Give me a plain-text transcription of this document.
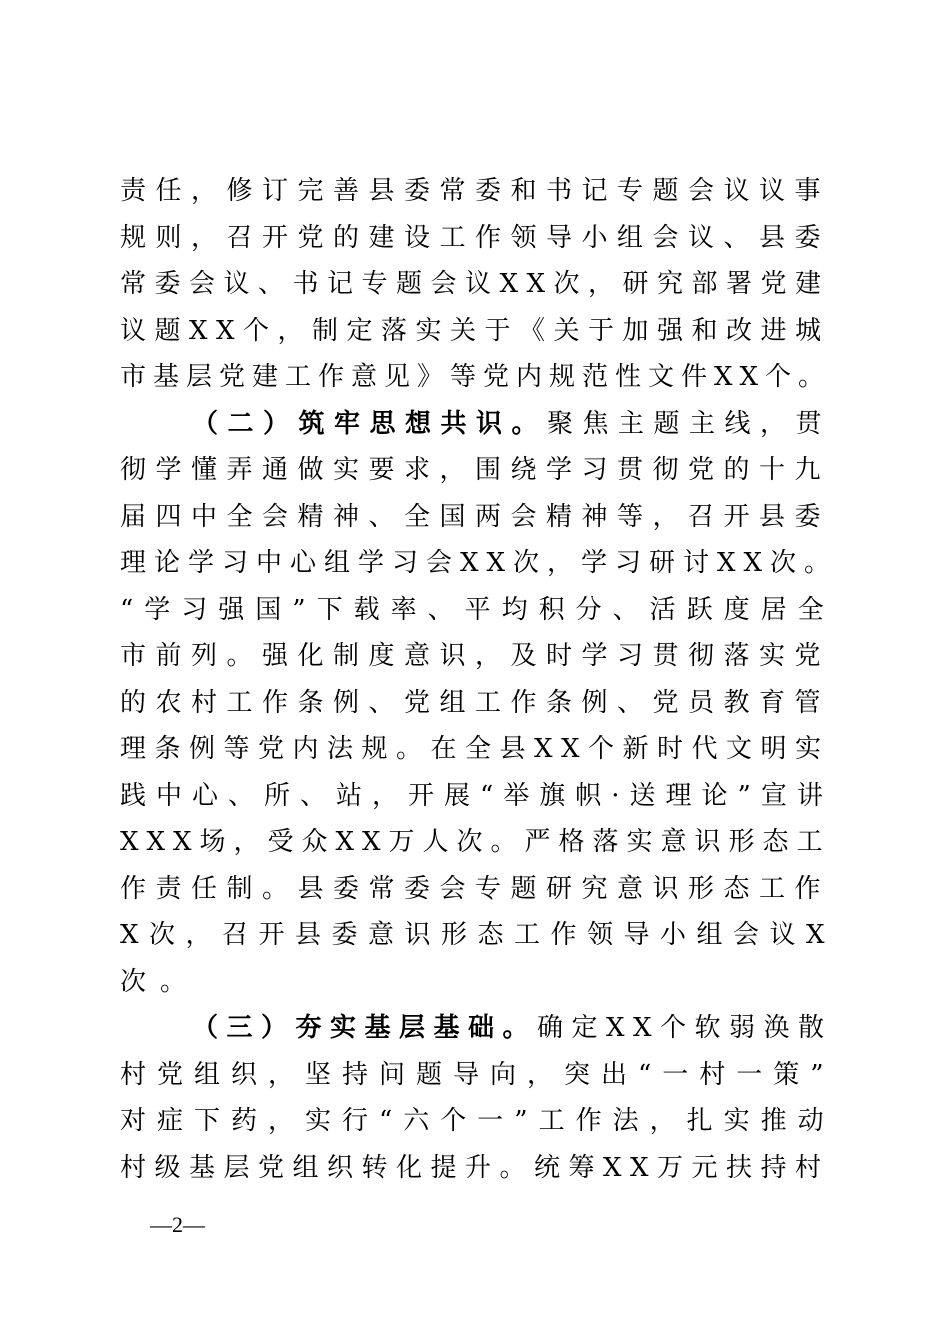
责任，修订完善县委常委和书记专题会议议事
规则，召开党的建设工作领导小组会议、县委
常委会议、书记专题会议XX次，研究部署党建
议题XX个，制定落实关于《关于加强和改进城
市基层党建工作意见》等党内规范性文件XX个。
（二）筑牢思想共识。聚焦主题主线，贯
彻学懂弄通做实要求，围绕学习贯彻党的十九
届四中全会精神、全国两会精神等，召开县委
理论学习中心组学习会XX次，学习研讨XX次。
“学习强国”下载率、平均积分、活跃度居全
市前列。强化制度意识，及时学习贯彻落实党
的农村工作条例、党组工作条例、党员教育管
理条例等党内法规。在全县XX个新时代文明实
践中心、所、站，开展“举旗帜·送理论”宣讲
XXX场，受众XX万人次。严格落实意识形态工
作责任制。县委常委会专题研究意识形态工作
X次，召开县委意识形态工作领导小组会议X
次。
（三）夯实基层基础。确定XX个软弱涣散
村党组织，坚持问题导向，突出“一村一策”
对症下药，实行“六个一”工作法，扎实推动
村级基层党组织转化提升。统筹XX万元扶持村
—2—
